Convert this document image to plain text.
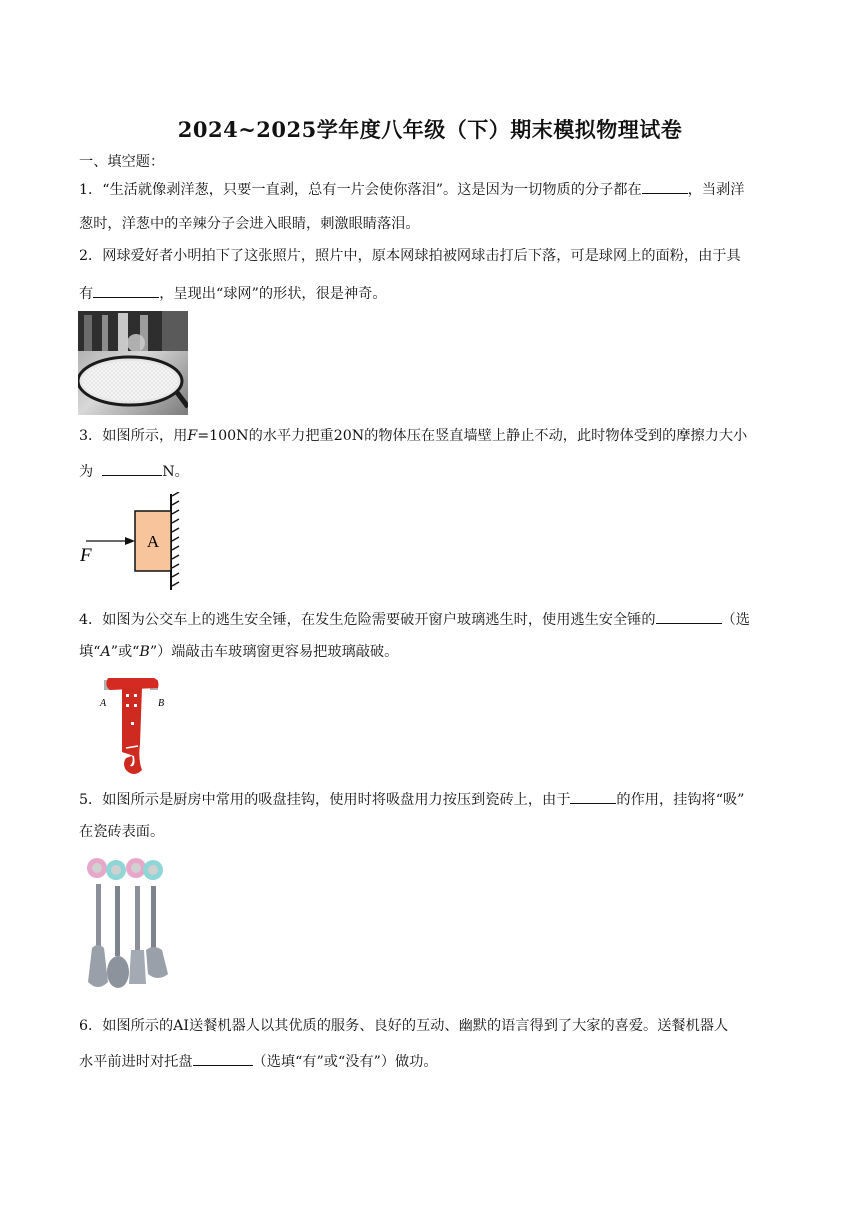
2024~2025学年度八年级（下）期末模拟物理试卷
一、填空题：
1．“生活就像剥洋葱，只要一直剥，总有一片会使你落泪”。这是因为一切物质的分子都在	，当剥洋
葱时，洋葱中的辛辣分子会进入眼睛，刺激眼睛落泪。
2．网球爱好者小明拍下了这张照片，照片中，原本网球拍被网球击打后下落，可是球网上的面粉，由于具
有	，呈现出“球网”的形状，很是神奇。
3．如图所示，用F=100N的水平力把重20N的物体压在竖直墙壁上静止不动，此时物体受到的摩擦力大小
为	N。
A
F
4．如图为公交车上的逃生安全锤，在发生危险需要破开窗户玻璃逃生时，使用逃生安全锤的	（选
填“A”或“B”）端敲击车玻璃窗更容易把玻璃敲破。
A	B
5．如图所示是厨房中常用的吸盘挂钩，使用时将吸盘用力按压到瓷砖上，由于	的作用，挂钩将“吸”
在瓷砖表面。
6．如图所示的AI送餐机器人以其优质的服务、良好的互动、幽默的语言得到了大家的喜爱。送餐机器人
水平前进时对托盘	（选填“有”或“没有”）做功。
